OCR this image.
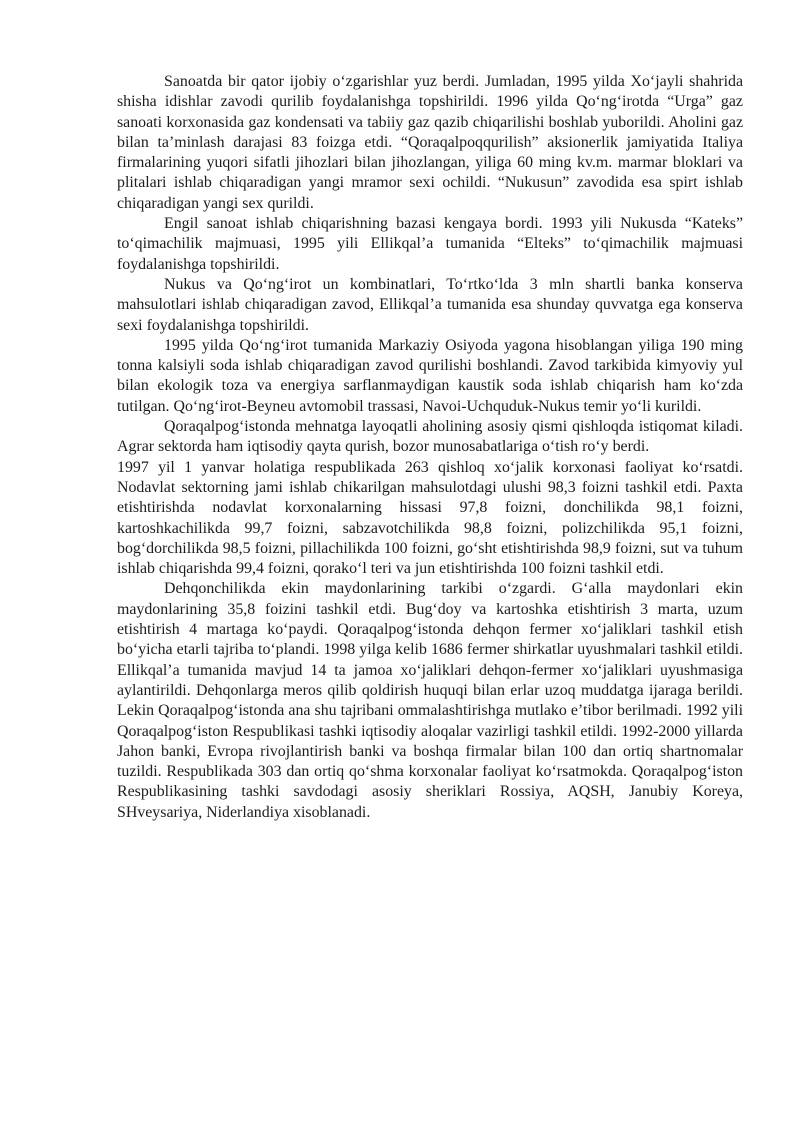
Sanoatda bir qator ijobiy o‘zgarishlar yuz berdi. Jumladan, 1995 yilda Xo‘jayli shahrida shisha idishlar zavodi qurilib foydalanishga topshirildi. 1996 yilda Qo‘ng‘irotda “Urga” gaz sanoati korxonasida gaz kondensati va tabiiy gaz qazib chiqarilishi boshlab yuborildi. Aholini gaz bilan ta’minlash darajasi 83 foizga etdi. “Qoraqalpoqqurilish” aksionerlik jamiyatida Italiya firmalarining yuqori sifatli jihozlari bilan jihozlangan, yiliga 60 ming kv.m. marmar bloklari va plitalari ishlab chiqaradigan yangi mramor sexi ochildi. “Nukusun” zavodida esa spirt ishlab chiqaradigan yangi sex qurildi.

Engil sanoat ishlab chiqarishning bazasi kengaya bordi. 1993 yili Nukusda “Kateks” to‘qimachilik majmuasi, 1995 yili Ellikqal’a tumanida “Elteks” to‘qimachilik majmuasi foydalanishga topshirildi.

Nukus va Qo‘ng‘irot un kombinatlari, To‘rtko‘lda 3 mln shartli banka konserva mahsulotlari ishlab chiqaradigan zavod, Ellikqal’a tumanida esa shunday quvvatga ega konserva sexi foydalanishga topshirildi.

1995 yilda Qo‘ng‘irot tumanida Markaziy Osiyoda yagona hisoblangan yiliga 190 ming tonna kalsiyli soda ishlab chiqaradigan zavod qurilishi boshlandi. Zavod tarkibida kimyoviy yul bilan ekologik toza va energiya sarflanmaydigan kaustik soda ishlab chiqarish ham ko‘zda tutilgan. Qo‘ng‘irot-Beyneu avtomobil trassasi, Navoi-Uchquduk-Nukus temir yo‘li kurildi.

Qoraqalpog‘istonda mehnatga layoqatli aholining asosiy qismi qishloqda istiqomat kiladi. Agrar sektorda ham iqtisodiy qayta qurish, bozor munosabatlariga o‘tish ro‘y berdi.

1997 yil 1 yanvar holatiga respublikada 263 qishloq xo‘jalik korxonasi faoliyat ko‘rsatdi. Nodavlat sektorning jami ishlab chikarilgan mahsulotdagi ulushi 98,3 foizni tashkil etdi. Paxta etishtirishda nodavlat korxonalarning hissasi 97,8 foizni, donchilikda 98,1 foizni, kartoshkachilikda 99,7 foizni, sabzavotchilikda 98,8 foizni, polizchilikda 95,1 foizni, bog‘dorchilikda 98,5 foizni, pillachilikda 100 foizni, go‘sht etishtirishda 98,9 foizni, sut va tuhum ishlab chiqarishda 99,4 foizni, qorako‘l teri va jun etishtirishda 100 foizni tashkil etdi.

Dehqonchilikda ekin maydonlarining tarkibi o‘zgardi. G‘alla maydonlari ekin maydonlarining 35,8 foizini tashkil etdi. Bug‘doy va kartoshka etishtirish 3 marta, uzum etishtirish 4 martaga ko‘paydi. Qoraqalpog‘istonda dehqon fermer xo‘jaliklari tashkil etish bo‘yicha etarli tajriba to‘plandi. 1998 yilga kelib 1686 fermer shirkatlar uyushmalari tashkil etildi. Ellikqal’a tumanida mavjud 14 ta jamoa xo‘jaliklari dehqon-fermer xo‘jaliklari uyushmasiga aylantirildi. Dehqonlarga meros qilib qoldirish huquqi bilan erlar uzoq muddatga ijaraga berildi. Lekin Qoraqalpog‘istonda ana shu tajribani ommalashtirishga mutlako e’tibor berilmadi. 1992 yili Qoraqalpog‘iston Respublikasi tashki iqtisodiy aloqalar vazirligi tashkil etildi. 1992-2000 yillarda Jahon banki, Evropa rivojlantirish banki va boshqa firmalar bilan 100 dan ortiq shartnomalar tuzildi. Respublikada 303 dan ortiq qo‘shma korxonalar faoliyat ko‘rsatmokda. Qoraqalpog‘iston Respublikasining tashki savdodagi asosiy sheriklari Rossiya, AQSH, Janubiy Koreya, SHveysariya, Niderlandiya xisoblanadi.
